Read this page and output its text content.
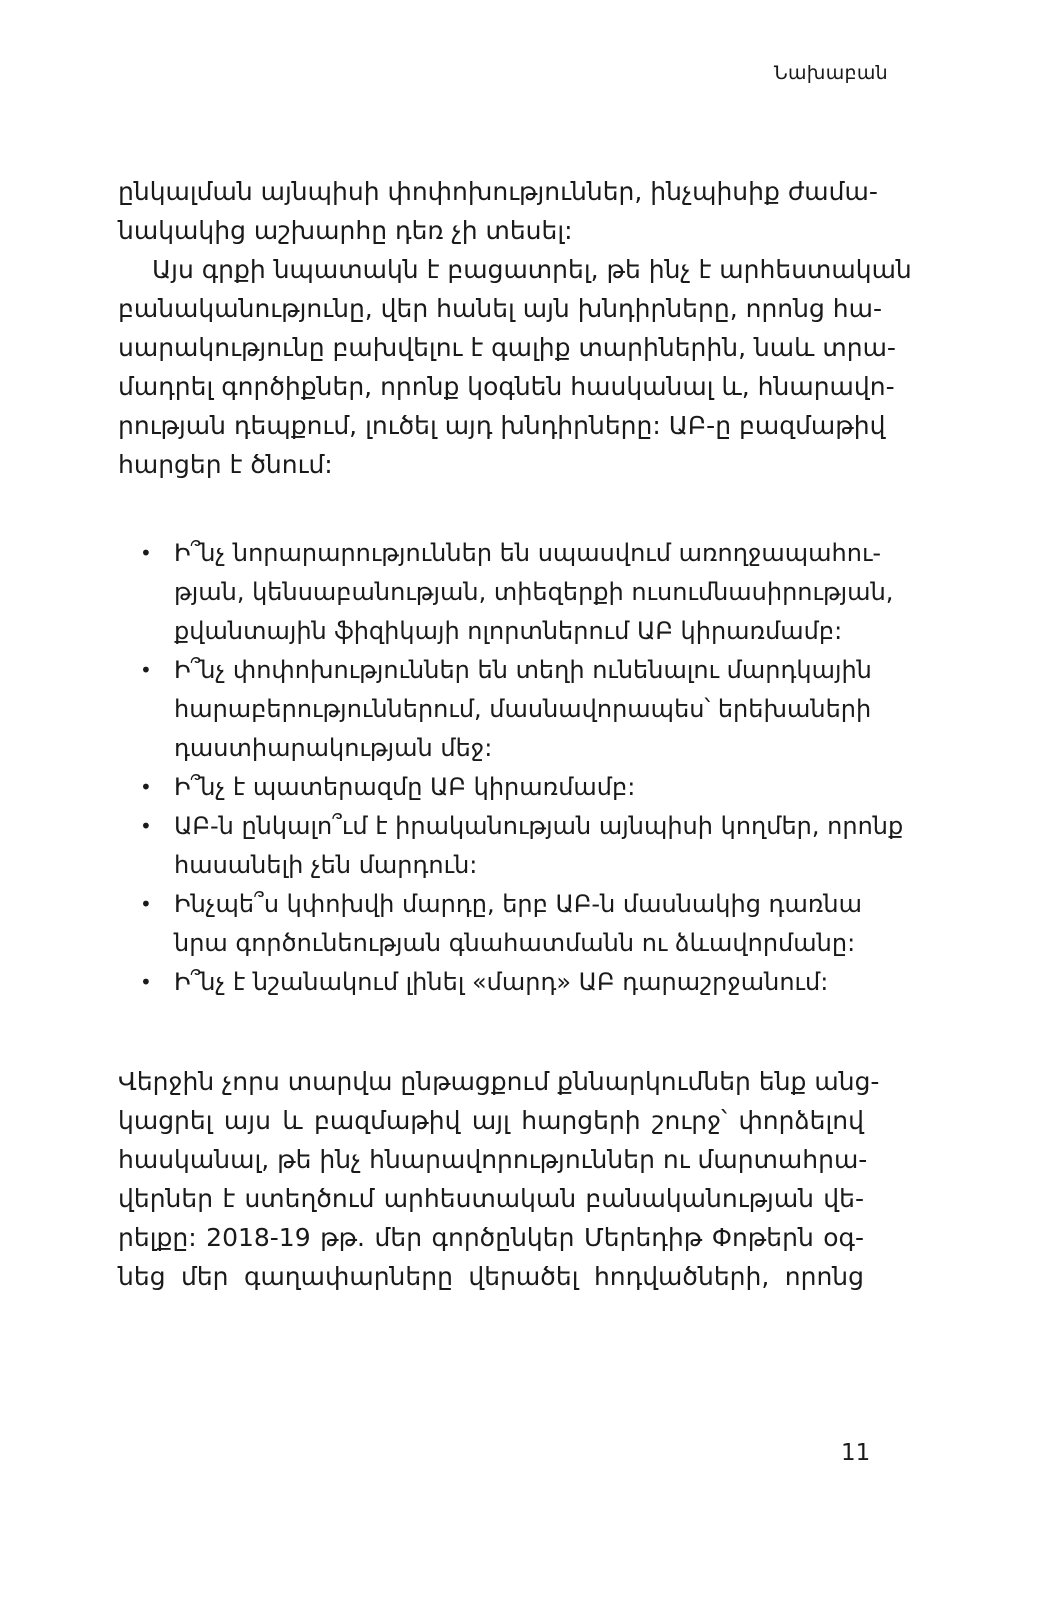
Նախաբան

ընկալման այնպիսի փոփոխություններ, ինչպիսիք ժամա-
նակակից աշխարհը դեռ չի տեսել:

Այս գրքի նպատակն է բացատրել, թե ինչ է արհեստական
բանականությունը, վեր հանել այն խնդիրները, որոնց հա-
սարակությունը բախվելու է գալիք տարիներին, նաև տրա-
մադրել գործիքներ, որոնք կօգնեն հասկանալ և, հնարավո-
րության դեպքում, լուծել այդ խնդիրները: ԱԲ-ը բազմաթիվ
հարցեր է ծնում:

• Ի՞նչ նորարարություններ են սպասվում առողջապահու-
թյան, կենսաբանության, տիեզերքի ուսումնասիրության,
քվանտային ֆիզիկայի ոլորտներում ԱԲ կիրառմամբ:
• Ի՞նչ փոփոխություններ են տեղի ունենալու մարդկային
հարաբերություններում, մասնավորապես՝ երեխաների
դաստիարակության մեջ:
• Ի՞նչ է պատերազմը ԱԲ կիրառմամբ:
• ԱԲ-ն ընկալո՞ւմ է իրականության այնպիսի կողմեր, որոնք
հասանելի չեն մարդուն:
• Ինչպե՞ս կփոխվի մարդը, երբ ԱԲ-ն մասնակից դառնա
նրա գործունեության գնահատմանն ու ձևավորմանը:
• Ի՞նչ է նշանակում լինել «մարդ» ԱԲ դարաշրջանում:

Վերջին չորս տարվա ընթացքում քննարկումներ ենք անց-
կացրել այս և բազմաթիվ այլ հարցերի շուրջ՝ փորձելով
հասկանալ, թե ինչ հնարավորություններ ու մարտահրա-
վերներ է ստեղծում արհեստական բանականության վե-
րելքը: 2018-19 թթ. մեր գործընկեր Մերեդիթ Փոթերն օգ-
նեց մեր գաղափարները վերածել հոդվածների, որոնց

11
